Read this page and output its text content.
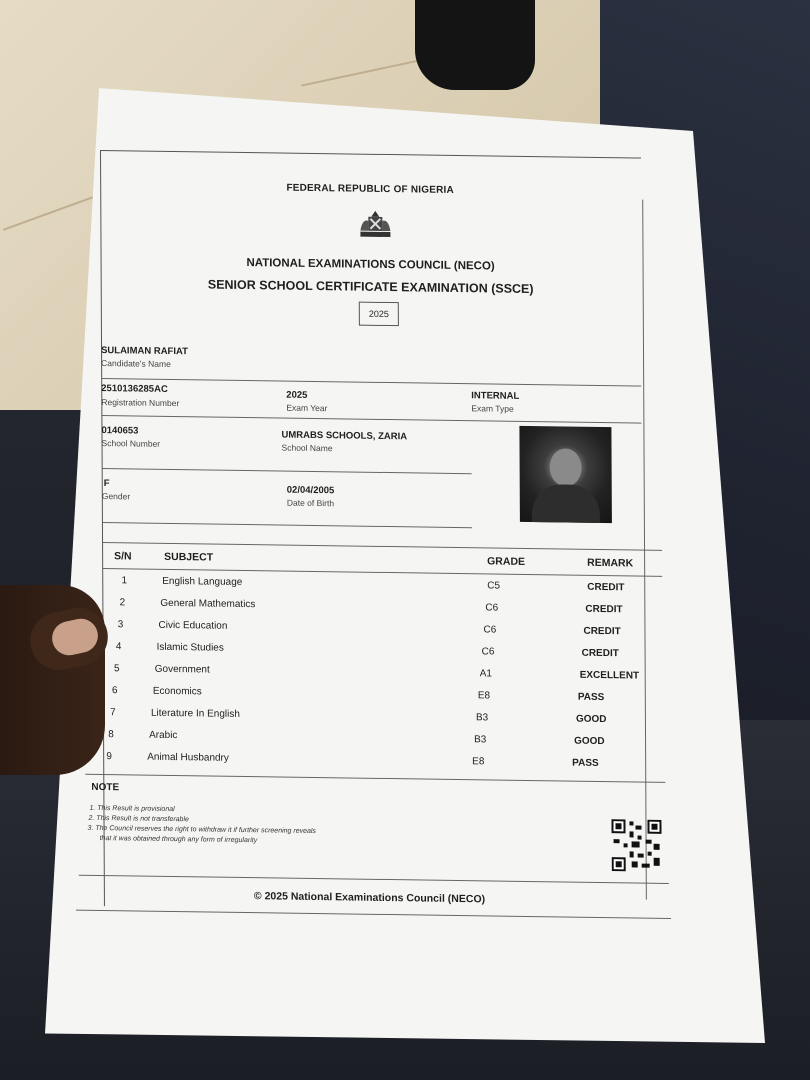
FEDERAL REPUBLIC OF NIGERIA
NATIONAL EXAMINATIONS COUNCIL (NECO)
SENIOR SCHOOL CERTIFICATE EXAMINATION (SSCE)
2025
SULAIMAN RAFIAT
Candidate's Name
2510136285AC
Registration Number
2025
Exam Year
INTERNAL
Exam Type
0140653
School Number
UMRABS SCHOOLS, ZARIA
School Name
F
Gender	02/04/2005
Date of Birth
S/N	SUBJECT	GRADE	REMARK
1	English Language	C5	CREDIT
2	General Mathematics	C6	CREDIT
3	Civic Education	C6	CREDIT
4	Islamic Studies	C6	CREDIT
5	Government	A1	EXCELLENT
6	Economics	E8	PASS
7	Literature In English	B3	GOOD
8	Arabic	B3	GOOD
9	Animal Husbandry	E8	PASS
NOTE
1. This Result is provisional
2. This Result is not transferable
3. The Council reserves the right to withdraw it if further screening reveals
that it was obtained through any form of irregularity
© 2025 National Examinations Council (NECO)
